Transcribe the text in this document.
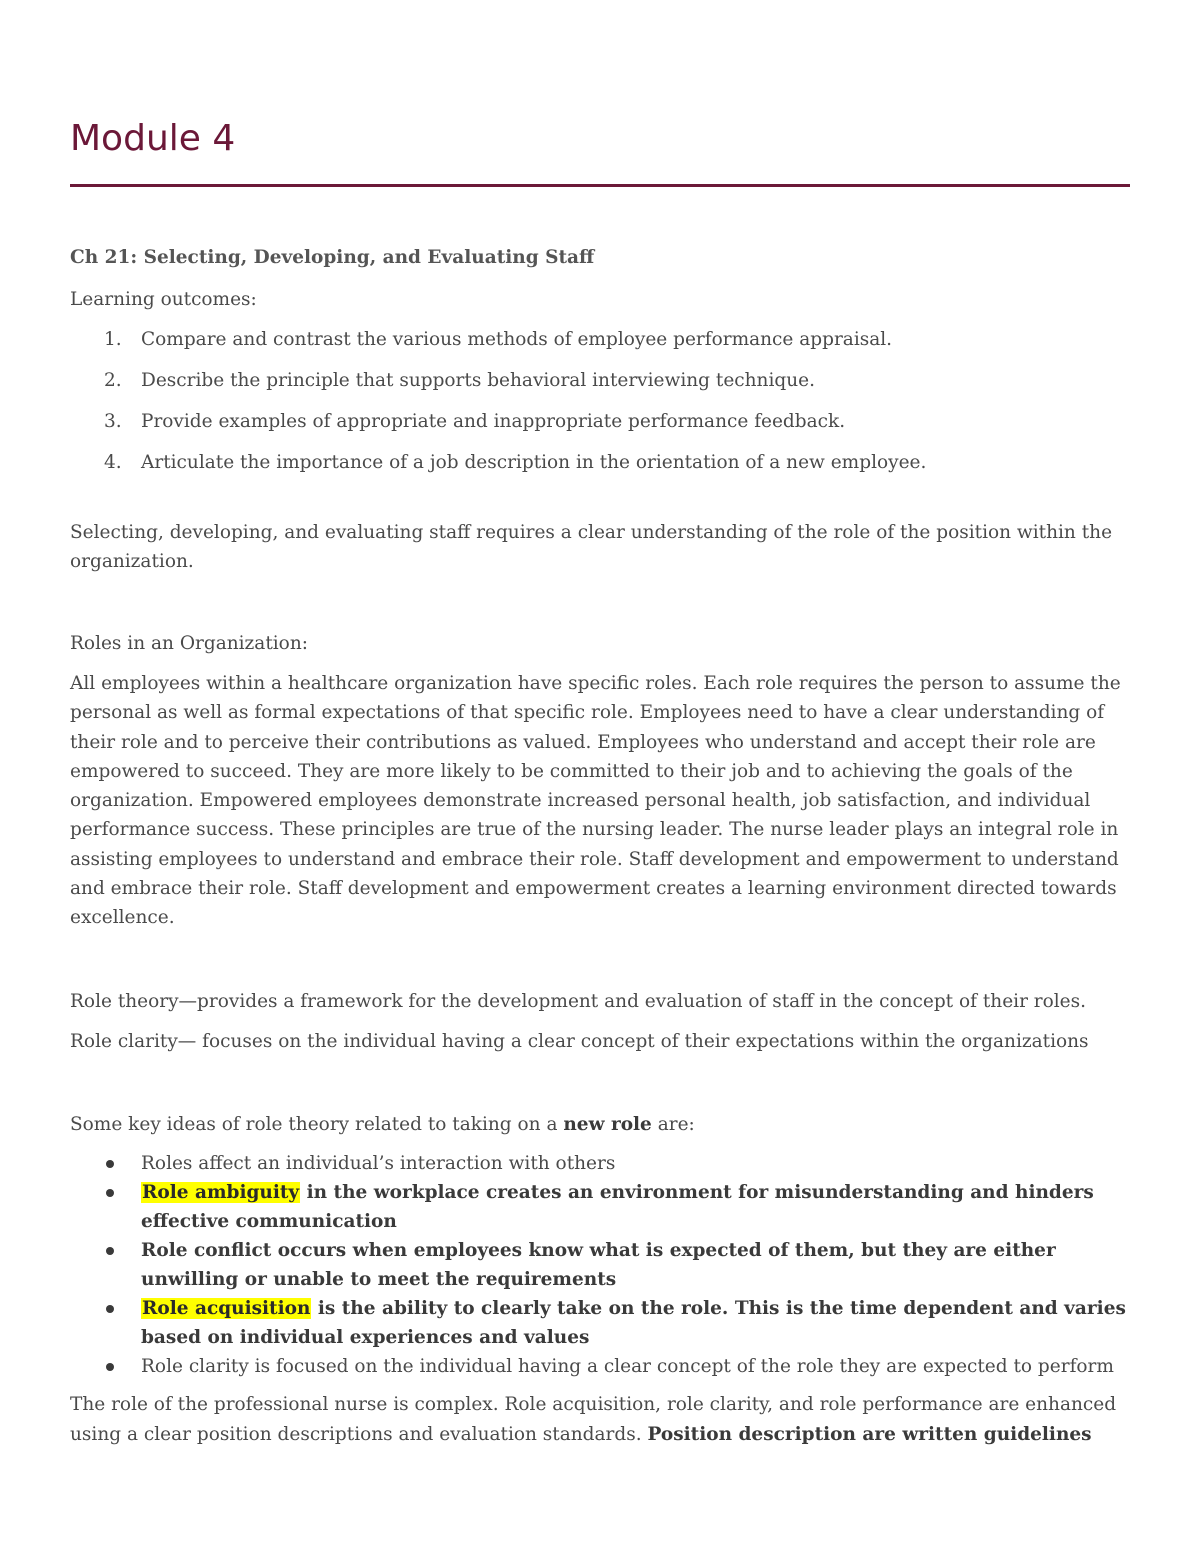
Module 4

Ch 21: Selecting, Developing, and Evaluating Staff

Learning outcomes:

1. Compare and contrast the various methods of employee performance appraisal.
2. Describe the principle that supports behavioral interviewing technique.
3. Provide examples of appropriate and inappropriate performance feedback.
4. Articulate the importance of a job description in the orientation of a new employee.

Selecting, developing, and evaluating staff requires a clear understanding of the role of the position within the organization.

Roles in an Organization:

All employees within a healthcare organization have specific roles. Each role requires the person to assume the personal as well as formal expectations of that specific role. Employees need to have a clear understanding of their role and to perceive their contributions as valued. Employees who understand and accept their role are empowered to succeed. They are more likely to be committed to their job and to achieving the goals of the organization. Empowered employees demonstrate increased personal health, job satisfaction, and individual performance success. These principles are true of the nursing leader. The nurse leader plays an integral role in assisting employees to understand and embrace their role. Staff development and empowerment to understand and embrace their role. Staff development and empowerment creates a learning environment directed towards excellence.

Role theory—provides a framework for the development and evaluation of staff in the concept of their roles.

Role clarity— focuses on the individual having a clear concept of their expectations within the organizations

Some key ideas of role theory related to taking on a new role are:

Roles affect an individual’s interaction with others
Role ambiguity in the workplace creates an environment for misunderstanding and hinders effective communication
Role conflict occurs when employees know what is expected of them, but they are either unwilling or unable to meet the requirements
Role acquisition is the ability to clearly take on the role. This is the time dependent and varies based on individual experiences and values
Role clarity is focused on the individual having a clear concept of the role they are expected to perform

The role of the professional nurse is complex. Role acquisition, role clarity, and role performance are enhanced using a clear position descriptions and evaluation standards. Position description are written guidelines
